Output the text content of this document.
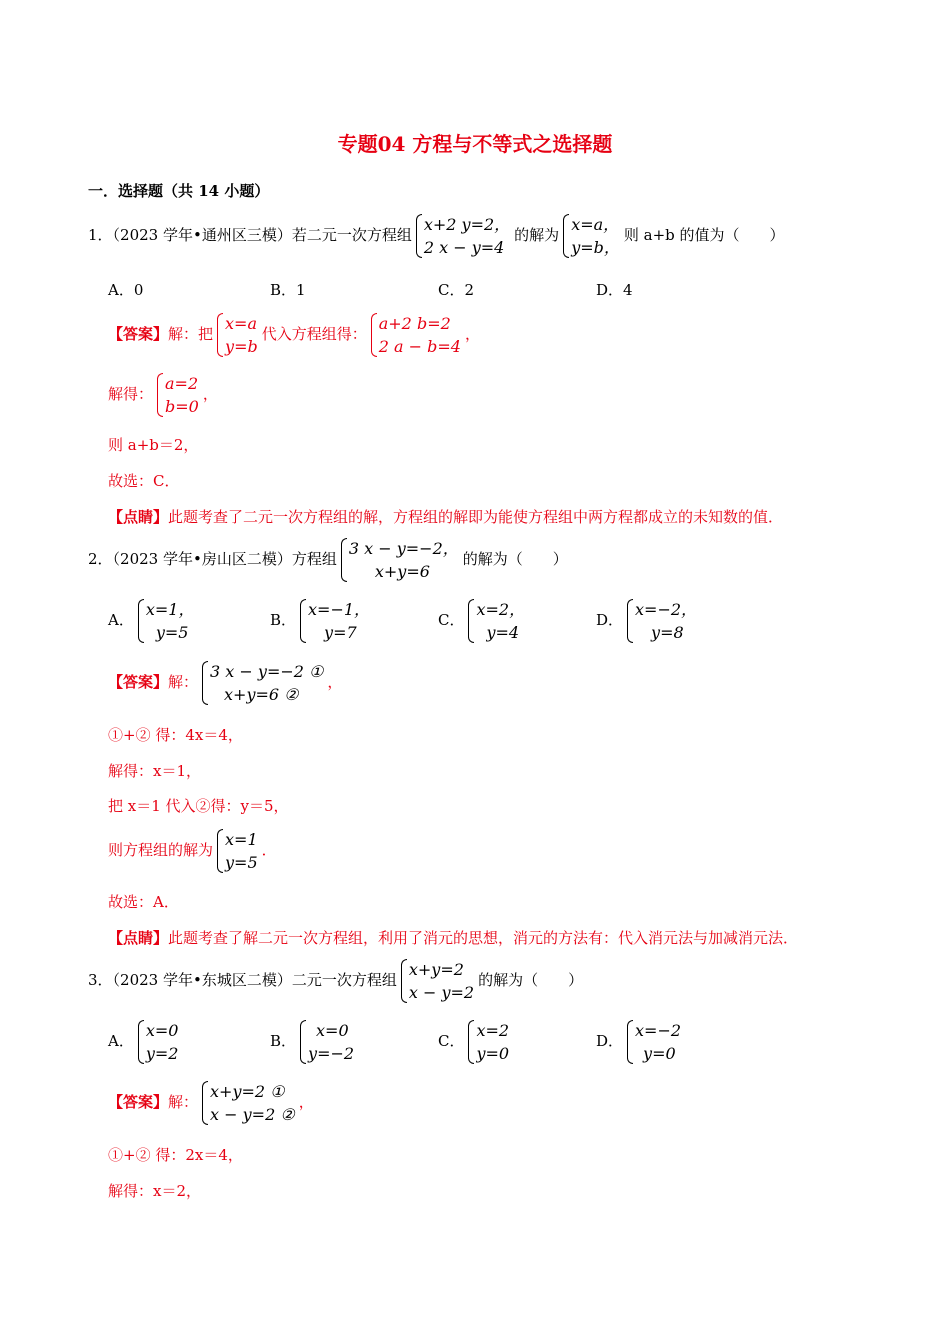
专题04 方程与不等式之选择题
一．选择题（共 14 小题）
1．（2023 学年•通州区三模）若二元一次方程组
x+2 y=2，
2 x − y=4
的解为
x=a，
y=b，
则 a+b 的值为（　　）
A．0	B．1	C．2	D．4
【答案】解：把
x=a
y=b
代入方程组得：
a+2 b=2
2 a − b=4
，
解得：
a=2
b=0
，
则 a+b＝2，
故选：C．
【点睛】此题考查了二元一次方程组的解，方程组的解即为能使方程组中两方程都成立的未知数的值．
2．（2023 学年•房山区二模）方程组
3 x − y=−2，
x+y=6
的解为（　　）
A．
x=1，
y=5
B．
x=−1，
y=7
C．
x=2，
y=4
D．
x=−2，
y=8
【答案】解：
3 x − y=−2 ①
x+y=6 ②
，
①+② 得：4x＝4，
解得：x＝1，
把 x＝1 代入②得：y＝5，
则方程组的解为
x=1
y=5
．
故选：A．
【点睛】此题考查了解二元一次方程组，利用了消元的思想，消元的方法有：代入消元法与加减消元法．
3．（2023 学年•东城区二模）二元一次方程组
x+y=2
x − y=2
的解为（　　）
A．
x=0
y=2
B．
x=0
y=−2
C．
x=2
y=0
D．
x=−2
y=0
【答案】解：
x+y=2 ①
x − y=2 ②
，
①+② 得：2x＝4，
解得：x＝2，
